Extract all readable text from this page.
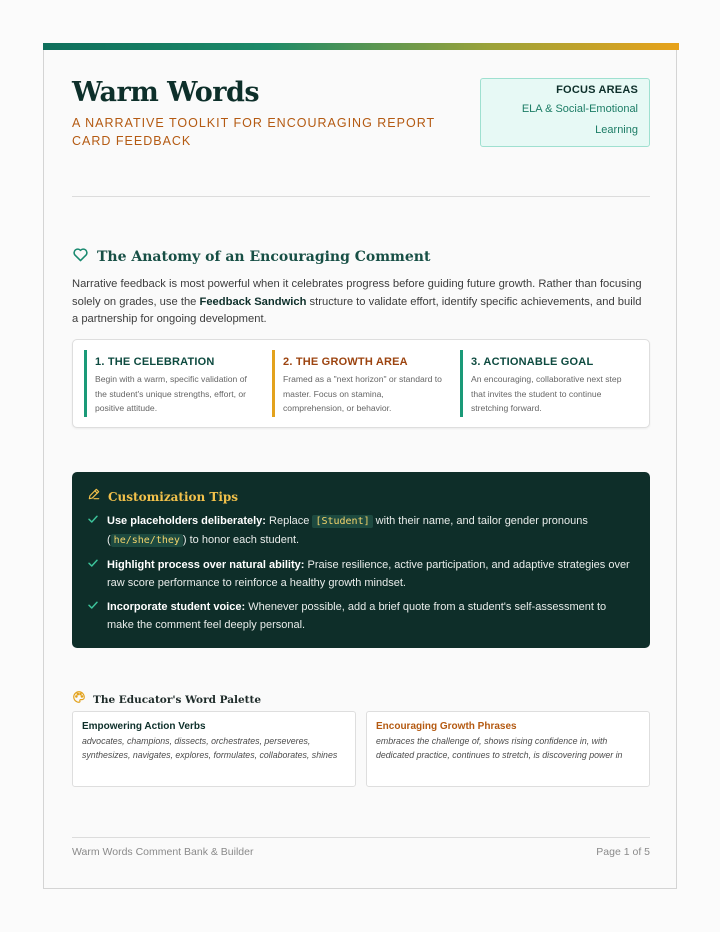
Warm Words
A NARRATIVE TOOLKIT FOR ENCOURAGING REPORT CARD FEEDBACK
FOCUS AREAS
ELA & Social-Emotional Learning
The Anatomy of an Encouraging Comment

Narrative feedback is most powerful when it celebrates progress before guiding future growth. Rather than focusing solely on grades, use the Feedback Sandwich structure to validate effort, identify specific achievements, and build a partnership for ongoing development.

1. THE CELEBRATION
Begin with a warm, specific validation of the student's unique strengths, effort, or positive attitude.
2. THE GROWTH AREA
Framed as a "next horizon" or standard to master. Focus on stamina, comprehension, or behavior.
3. ACTIONABLE GOAL
An encouraging, collaborative next step that invites the student to continue stretching forward.
Customization Tips
Use placeholders deliberately: Replace [Student] with their name, and tailor gender pronouns ( he/she/they ) to honor each student.
Highlight process over natural ability: Praise resilience, active participation, and adaptive strategies over raw score performance to reinforce a healthy growth mindset.
Incorporate student voice: Whenever possible, add a brief quote from a student's self-assessment to make the comment feel deeply personal.
The Educator's Word Palette
Empowering Action Verbs
advocates, champions, dissects, orchestrates, perseveres, synthesizes, navigates, explores, formulates, collaborates, shines
Encouraging Growth Phrases
embraces the challenge of, shows rising confidence in, with dedicated practice, continues to stretch, is discovering power in
Warm Words Comment Bank & Builder	Page 1 of 5
